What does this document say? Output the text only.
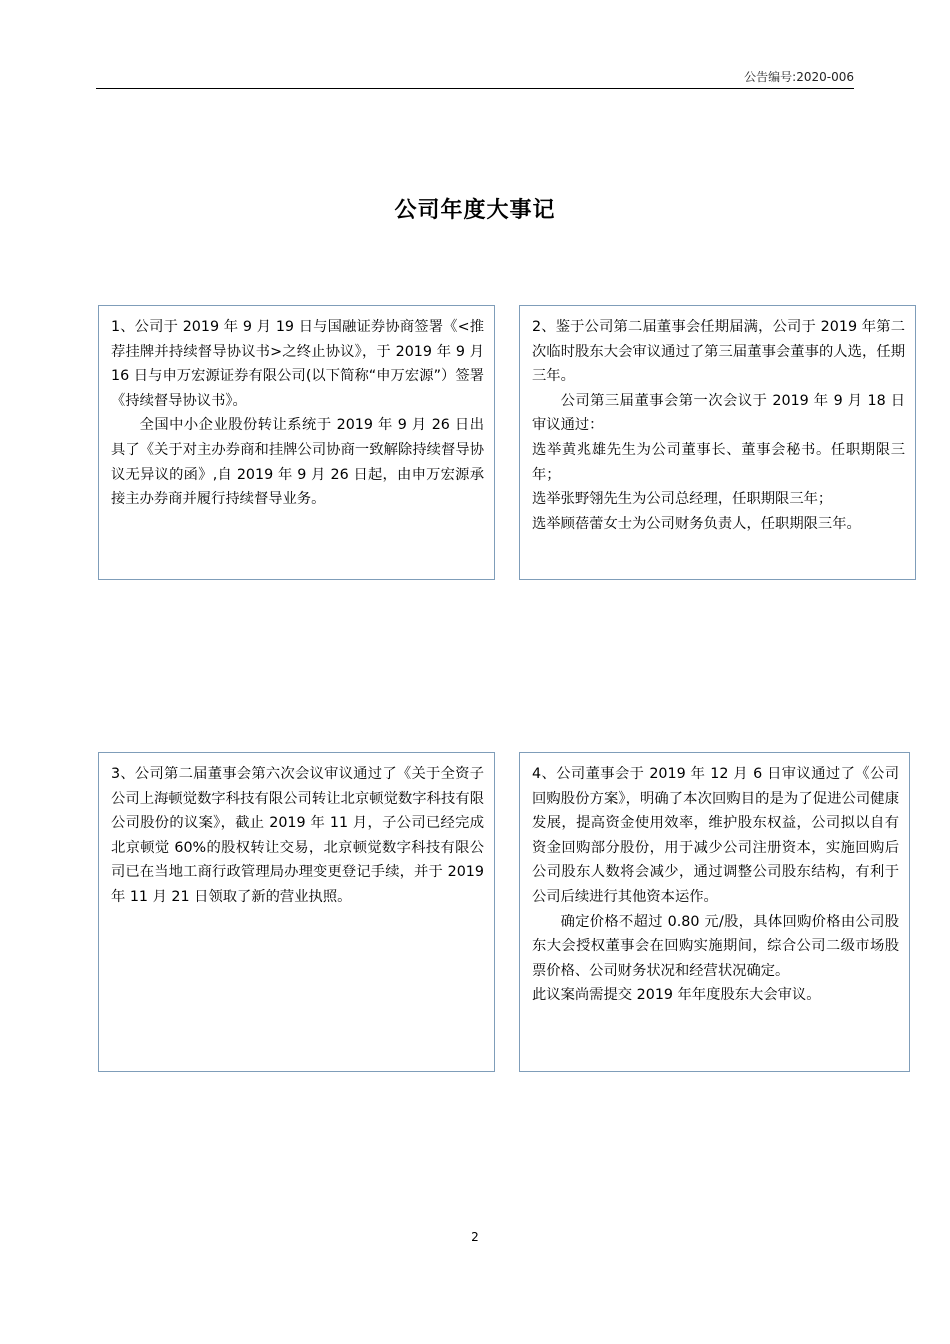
公告编号:2020-006
公司年度大事记

1、公司于 2019 年 9 月 19 日与国融证券协商签署《<推荐挂牌并持续督导协议书>之终止协议》，于 2019 年 9 月 16 日与申万宏源证券有限公司(以下简称“申万宏源”）签署《持续督导协议书》。

全国中小企业股份转让系统于 2019 年 9 月 26 日出具了《关于对主办券商和挂牌公司协商一致解除持续督导协议无异议的函》,自 2019 年 9 月 26 日起，由申万宏源承接主办券商并履行持续督导业务。

2、鉴于公司第二届董事会任期届满，公司于 2019 年第二次临时股东大会审议通过了第三届董事会董事的人选，任期三年。

公司第三届董事会第一次会议于 2019 年 9 月 18 日审议通过：

选举黄兆雄先生为公司董事长、董事会秘书。任职期限三年；

选举张野翎先生为公司总经理，任职期限三年；

选举顾蓓蕾女士为公司财务负责人，任职期限三年。

3、公司第二届董事会第六次会议审议通过了《关于全资子公司上海顿觉数字科技有限公司转让北京顿觉数字科技有限公司股份的议案》，截止 2019 年 11 月，子公司已经完成北京顿觉 60%的股权转让交易，北京顿觉数字科技有限公司已在当地工商行政管理局办理变更登记手续，并于 2019 年 11 月 21 日领取了新的营业执照。

4、公司董事会于 2019 年 12 月 6 日审议通过了《公司回购股份方案》，明确了本次回购目的是为了促进公司健康发展，提高资金使用效率，维护股东权益，公司拟以自有资金回购部分股份，用于减少公司注册资本，实施回购后公司股东人数将会减少，通过调整公司股东结构，有利于公司后续进行其他资本运作。

确定价格不超过 0.80 元/股，具体回购价格由公司股东大会授权董事会在回购实施期间，综合公司二级市场股票价格、公司财务状况和经营状况确定。

此议案尚需提交 2019 年年度股东大会审议。

2
